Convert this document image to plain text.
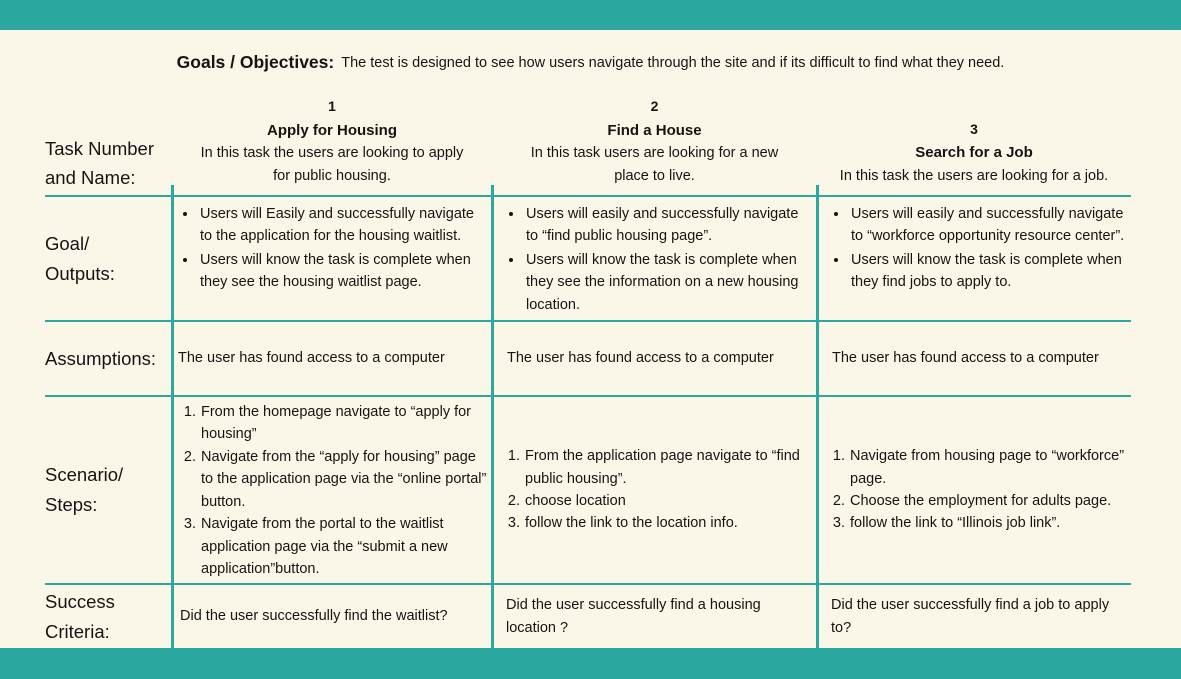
Goals / Objectives: The test is designed to see how users navigate through the site and if its difficult to find what they need.
Task Number
and Name:
1
Apply for Housing
In this task the users are looking to apply for public housing.
2
Find a House
In this task users are looking for a new place to live.
3
Search for a Job
In this task the users are looking for a job.
Goal/
Outputs:
• Users will Easily and successfully navigate to the application for the housing waitlist.
• Users will know the task is complete when they see the housing waitlist page.
• Users will easily and successfully navigate to “find public housing page”.
• Users will know the task is complete when they see the information on a new housing location.
• Users will easily and successfully navigate to “workforce opportunity resource center”.
• Users will know the task is complete when they find jobs to apply to.
Assumptions: The user has found access to a computer	The user has found access to a computer	The user has found access to a computer
Scenario/
Steps:
1. From the homepage navigate to “apply for housing”
2. Navigate from the “apply for housing” page to the application page via the “online portal” button.
3. Navigate from the portal to the waitlist application page via the “submit a new application”button.
1. From the application page navigate to “find public housing”.
2. choose location
3. follow the link to the location info.
1. Navigate from housing page to “workforce” page.
2. Choose the employment for adults page.
3. follow the link to “Illinois job link”.
Success
Criteria:
Did the user successfully find the waitlist?
Did the user successfully find a housing location ?
Did the user successfully find a job to apply to?
